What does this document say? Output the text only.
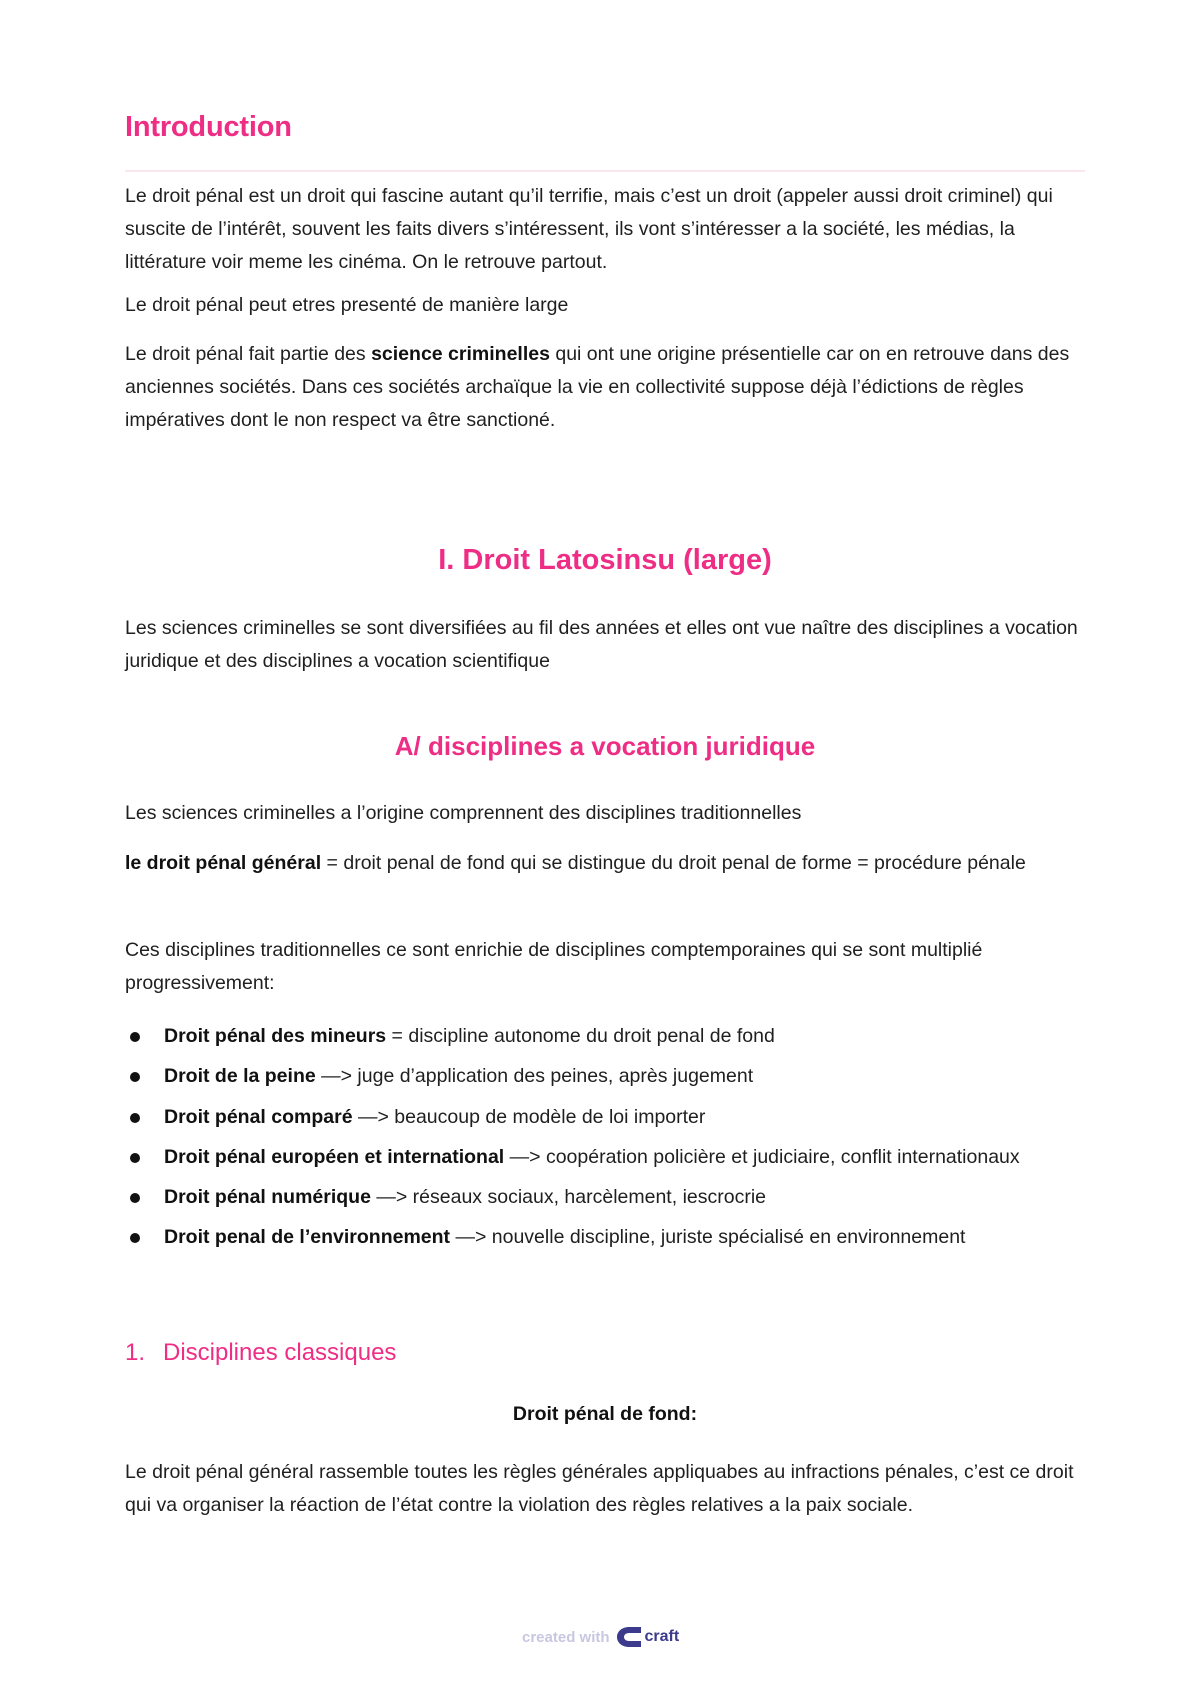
Introduction

Le droit pénal est un droit qui fascine autant qu’il terrifie, mais c’est un droit (appeler aussi droit criminel) qui suscite de l’intérêt, souvent les faits divers s’intéressent, ils vont s’intéresser a la société, les médias, la littérature voir meme les cinéma. On le retrouve partout.

Le droit pénal peut etres presenté de manière large

Le droit pénal fait partie des science criminelles qui ont une origine présentielle car on en retrouve dans des anciennes sociétés. Dans ces sociétés archaïque la vie en collectivité suppose déjà l’édictions de règles impératives dont le non respect va être sanctioné.

I. Droit Latosinsu (large)

Les sciences criminelles se sont diversifiées au fil des années et elles ont vue naître des disciplines a vocation juridique et des disciplines a vocation scientifique

A/ disciplines a vocation juridique

Les sciences criminelles a l’origine comprennent des disciplines traditionnelles

le droit pénal général = droit penal de fond qui se distingue du droit penal de forme = procédure pénale

Ces disciplines traditionnelles ce sont enrichie de disciplines comptemporaines qui se sont multiplié progressivement:

Droit pénal des mineurs = discipline autonome du droit penal de fond
Droit de la peine —> juge d’application des peines, après jugement
Droit pénal comparé —> beaucoup de modèle de loi importer
Droit pénal européen et international —> coopération policière et judiciaire, conflit internationaux
Droit pénal numérique —> réseaux sociaux, harcèlement, iescrocrie
Droit penal de l’environnement —> nouvelle discipline, juriste spécialisé en environnement
1. Disciplines classiques

Droit pénal de fond:

Le droit pénal général rassemble toutes les règles générales appliquabes au infractions pénales, c’est ce droit qui va organiser la réaction de l’état contre la violation des règles relatives a la paix sociale.

created with craft
